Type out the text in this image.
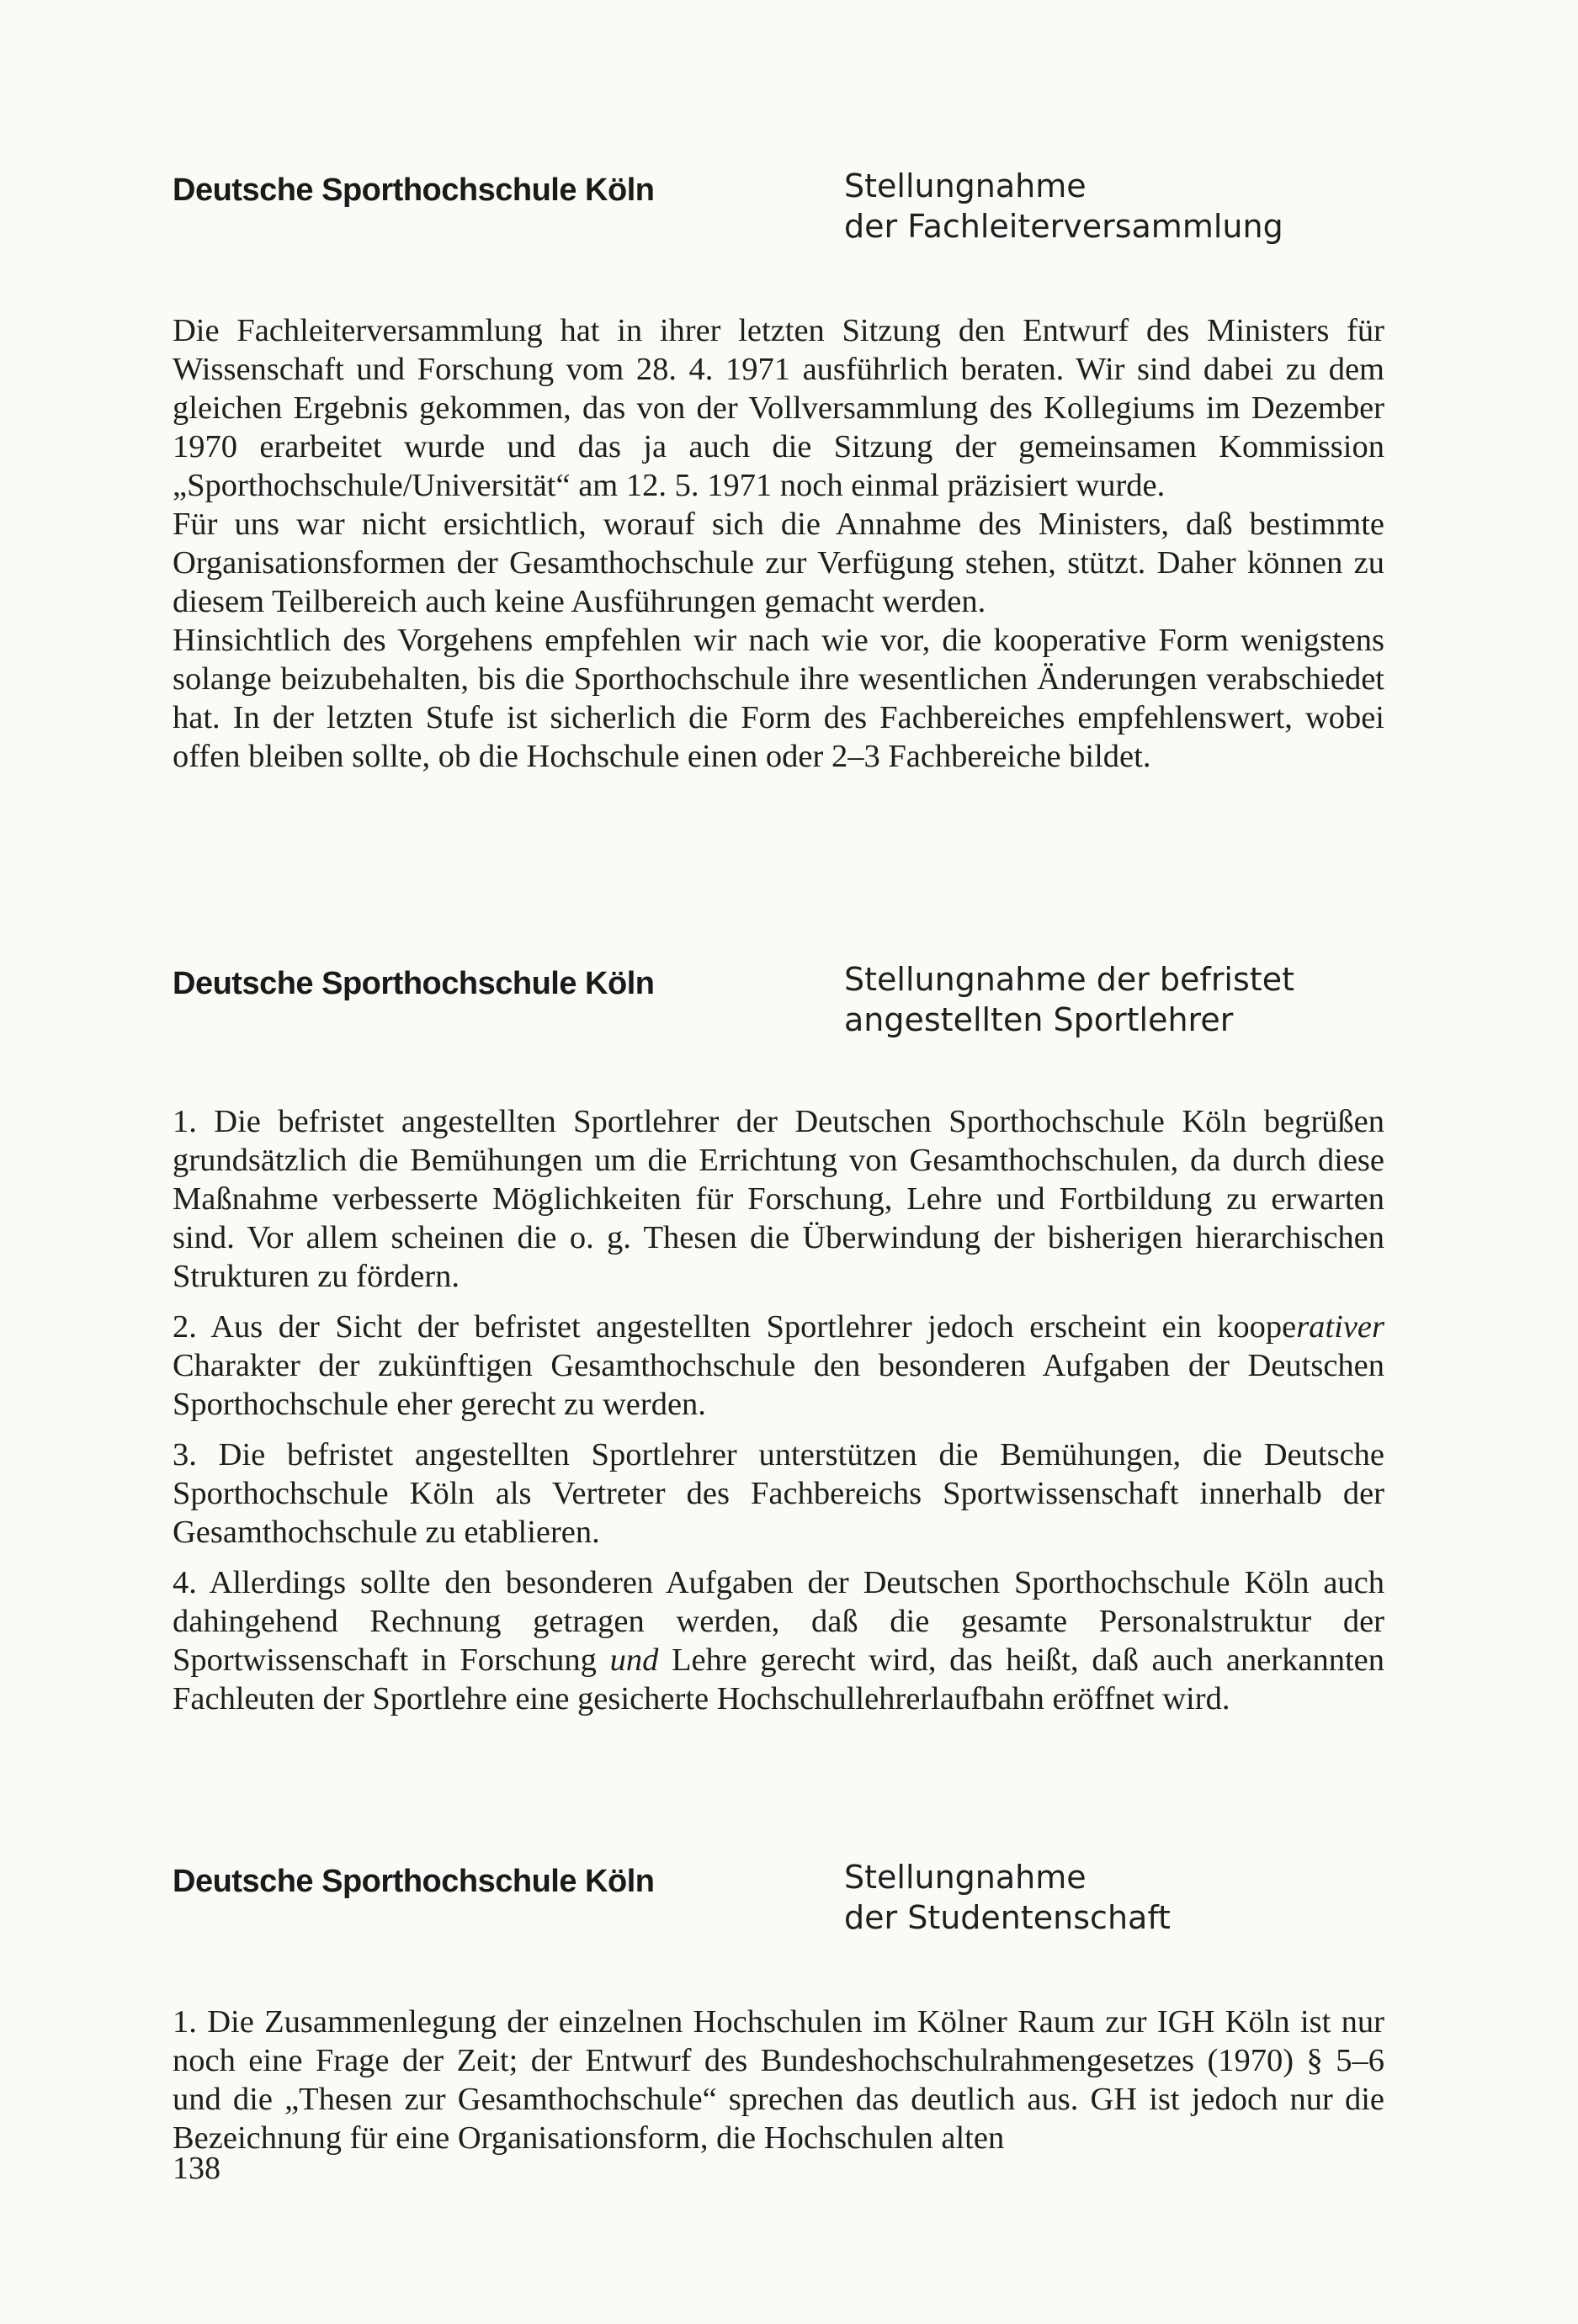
Deutsche Sporthochschule Köln	Stellungnahme
der Fachleiterversammlung

Die Fachleiterversammlung hat in ihrer letzten Sitzung den Entwurf des Ministers für Wissenschaft und Forschung vom 28. 4. 1971 ausführlich beraten. Wir sind dabei zu dem gleichen Ergebnis gekommen, das von der Vollversammlung des Kollegiums im Dezember 1970 erarbeitet wurde und das ja auch die Sitzung der gemeinsamen Kommission „Sporthochschule/Universität“ am 12. 5. 1971 noch einmal präzisiert wurde.

Für uns war nicht ersichtlich, worauf sich die Annahme des Ministers, daß bestimmte Organisationsformen der Gesamthochschule zur Verfügung stehen, stützt. Daher können zu diesem Teilbereich auch keine Ausführungen gemacht werden.

Hinsichtlich des Vorgehens empfehlen wir nach wie vor, die kooperative Form wenigstens solange beizubehalten, bis die Sporthochschule ihre wesentlichen Änderungen verabschiedet hat. In der letzten Stufe ist sicherlich die Form des Fachbereiches empfehlenswert, wobei offen bleiben sollte, ob die Hochschule einen oder 2–3 Fachbereiche bildet.

Deutsche Sporthochschule Köln	Stellungnahme der befristet
angestellten Sportlehrer

1. Die befristet angestellten Sportlehrer der Deutschen Sporthochschule Köln begrüßen grundsätzlich die Bemühungen um die Errichtung von Gesamthochschulen, da durch diese Maßnahme verbesserte Möglichkeiten für Forschung, Lehre und Fortbildung zu erwarten sind. Vor allem scheinen die o. g. Thesen die Überwindung der bisherigen hierarchischen Strukturen zu fördern.

2. Aus der Sicht der befristet angestellten Sportlehrer jedoch erscheint ein kooperativer Charakter der zukünftigen Gesamthochschule den besonderen Aufgaben der Deutschen Sporthochschule eher gerecht zu werden.

3. Die befristet angestellten Sportlehrer unterstützen die Bemühungen, die Deutsche Sporthochschule Köln als Vertreter des Fachbereichs Sportwissenschaft innerhalb der Gesamthochschule zu etablieren.

4. Allerdings sollte den besonderen Aufgaben der Deutschen Sporthochschule Köln auch dahingehend Rechnung getragen werden, daß die gesamte Personalstruktur der Sportwissenschaft in Forschung und Lehre gerecht wird, das heißt, daß auch anerkannten Fachleuten der Sportlehre eine gesicherte Hochschullehrerlaufbahn eröffnet wird.

Deutsche Sporthochschule Köln	Stellungnahme
der Studentenschaft

1. Die Zusammenlegung der einzelnen Hochschulen im Kölner Raum zur IGH Köln ist nur noch eine Frage der Zeit; der Entwurf des Bundeshochschulrahmengesetzes (1970) § 5–6 und die „Thesen zur Gesamthochschule“ sprechen das deutlich aus. GH ist jedoch nur die Bezeichnung für eine Organisationsform, die Hochschulen alten

138
